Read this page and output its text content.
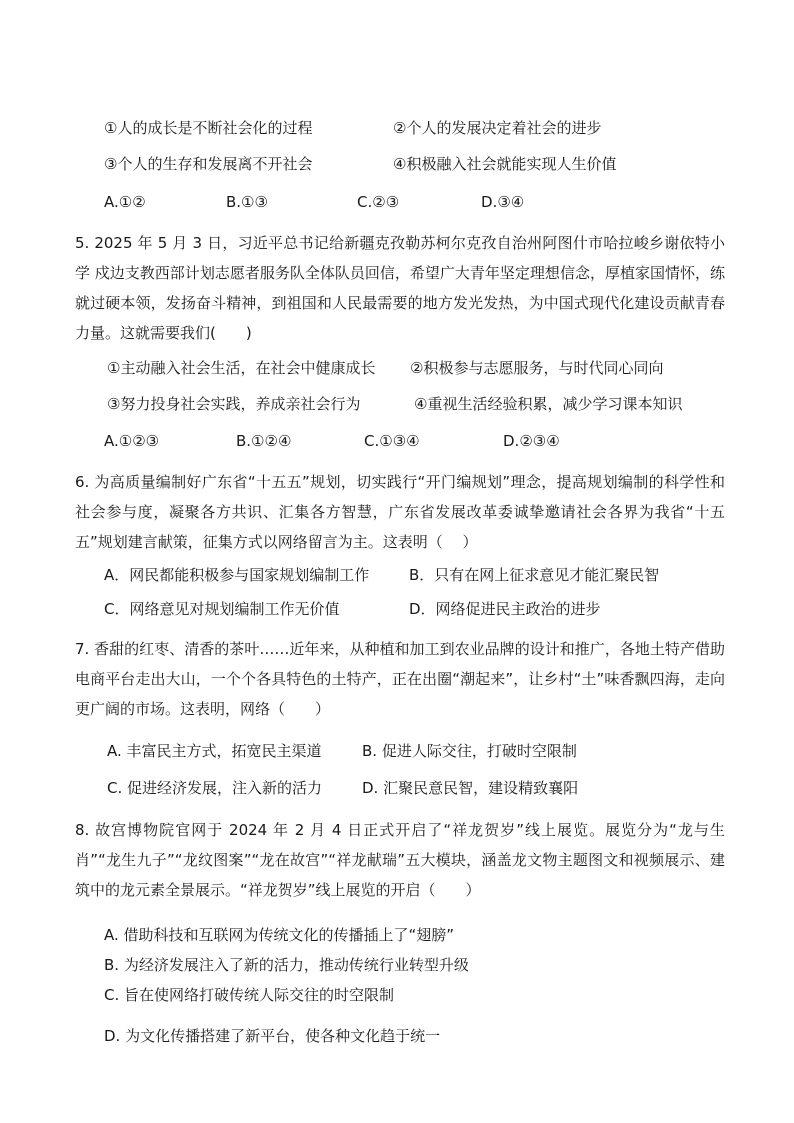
①人的成长是不断社会化的过程	②个人的发展决定着社会的进步
③个人的生存和发展离不开社会	④积极融入社会就能实现人生价值
A.①②	B.①③	C.②③	D.③④
5. 2025 年 5 月 3 日，习近平总书记给新疆克孜勒苏柯尔克孜自治州阿图什市哈拉峻乡谢依特小学 戍边支教西部计划志愿者服务队全体队员回信，希望广大青年坚定理想信念，厚植家国情怀，练就过硬本领，发扬奋斗精神，到祖国和人民最需要的地方发光发热，为中国式现代化建设贡献青春力量。这就需要我们(　　)
①主动融入社会生活，在社会中健康成长 ②积极参与志愿服务，与时代同心同向
③努力投身社会实践，养成亲社会行为	④重视生活经验积累，减少学习课本知识
A.①②③	B.①②④	C.①③④	D.②③④
6. 为高质量编制好广东省“十五五”规划，切实践行“开门编规划”理念，提高规划编制的科学性和社会参与度，凝聚各方共识、汇集各方智慧，广东省发展改革委诚挚邀请社会各界为我省“十五五”规划建言献策，征集方式以网络留言为主。这表明（　 ）
A．网民都能积极参与国家规划编制工作	B．只有在网上征求意见才能汇聚民智
C．网络意见对规划编制工作无价值	D．网络促进民主政治的进步
7. 香甜的红枣、清香的茶叶……近年来，从种植和加工到农业品牌的设计和推广，各地土特产借助电商平台走出大山，一个个各具特色的土特产，正在出圈“潮起来”，让乡村“土”味香飘四海，走向更广阔的市场。这表明，网络（　　）
A. 丰富民主方式，拓宽民主渠道	B. 促进人际交往，打破时空限制
C. 促进经济发展，注入新的活力	D. 汇聚民意民智，建设精致襄阳
8. 故宫博物院官网于 2024 年 2 月 4 日正式开启了“祥龙贺岁”线上展览。展览分为“龙与生肖”“龙生九子”“龙纹图案”“龙在故宫”“祥龙献瑞”五大模块，涵盖龙文物主题图文和视频展示、建筑中的龙元素全景展示。“祥龙贺岁”线上展览的开启（　　）
A. 借助科技和互联网为传统文化的传播插上了“翅膀”
B. 为经济发展注入了新的活力，推动传统行业转型升级
C. 旨在使网络打破传统人际交往的时空限制
D. 为文化传播搭建了新平台，使各种文化趋于统一
